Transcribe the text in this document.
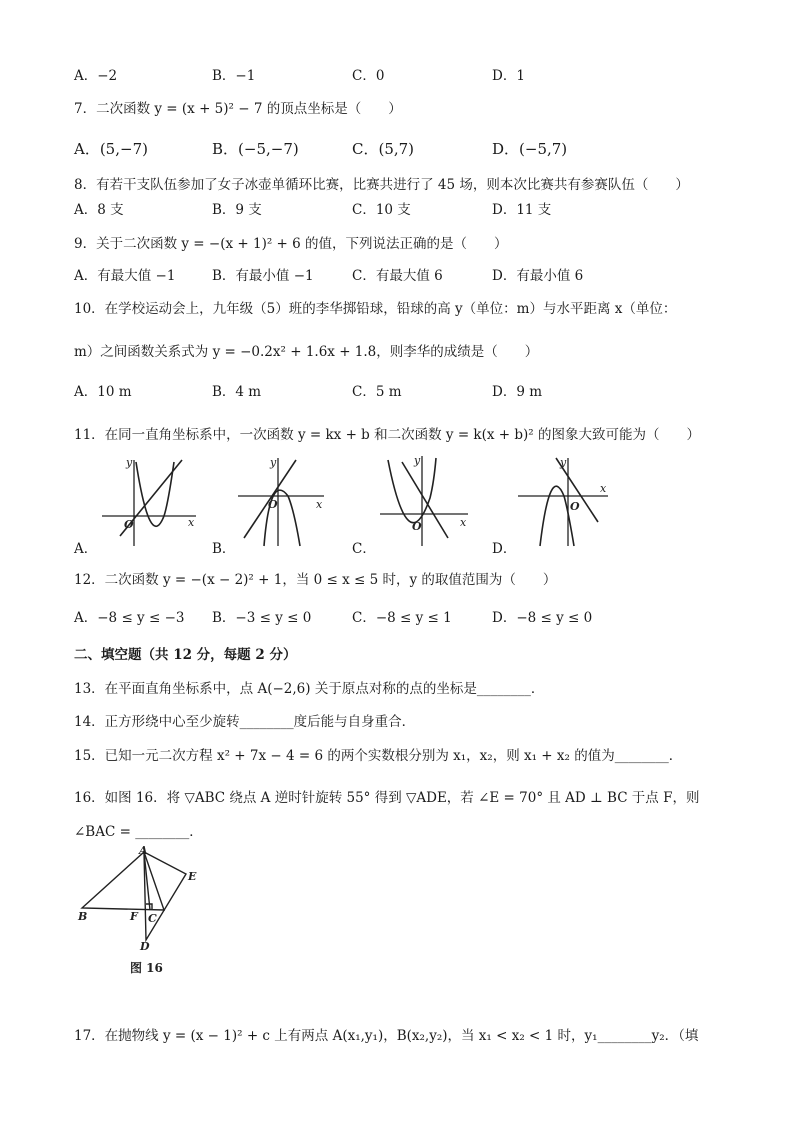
A．−2	B．−1	C．0	D．1
7．二次函数 y = (x + 5)² − 7 的顶点坐标是（　　）
A．(5,−7)	B．(−5,−7)	C．(5,7)	D．(−5,7)
8．有若干支队伍参加了女子冰壶单循环比赛，比赛共进行了 45 场，则本次比赛共有参赛队伍（　　）
A．8 支	B．9 支	C．10 支	D．11 支
9．关于二次函数 y = −(x + 1)² + 6 的值，下列说法正确的是（　　）
A．有最大值 −1	B．有最小值 −1	C．有最大值 6	D．有最小值 6
10．在学校运动会上，九年级（5）班的李华掷铅球，铅球的高 y（单位：m）与水平距离 x（单位：
m）之间函数关系式为 y = −0.2x² + 1.6x + 1.8，则李华的成绩是（　　）
A．10 m	B．4 m	C．5 m	D．9 m
11．在同一直角坐标系中，一次函数 y = kx + b 和二次函数 y = k(x + b)² 的图象大致可能为（　　）
A．	B．	C．	D．
y
x
O
y
x
O
y
x
O
y
x
O
12．二次函数 y = −(x − 2)² + 1，当 0 ≤ x ≤ 5 时，y 的取值范围为（　　）
A．−8 ≤ y ≤ −3 B．−3 ≤ y ≤ 0	C．−8 ≤ y ≤ 1	D．−8 ≤ y ≤ 0
二、填空题（共 12 分，每题 2 分）
13．在平面直角坐标系中，点 A(−2,6) 关于原点对称的点的坐标是________．
14．正方形绕中心至少旋转________度后能与自身重合．
15．已知一元二次方程 x² + 7x − 4 = 6 的两个实数根分别为 x₁，x₂，则 x₁ + x₂ 的值为________．
16．如图 16．将 ▽ABC 绕点 A 逆时针旋转 55° 得到 ▽ADE，若 ∠E = 70° 且 AD ⊥ BC 于点 F，则
∠BAC = ________．
A
E
B	F C
D
图 16
17．在抛物线 y = (x − 1)² + c 上有两点 A(x₁,y₁)，B(x₂,y₂)，当 x₁ < x₂ < 1 时，y₁________y₂．（填
